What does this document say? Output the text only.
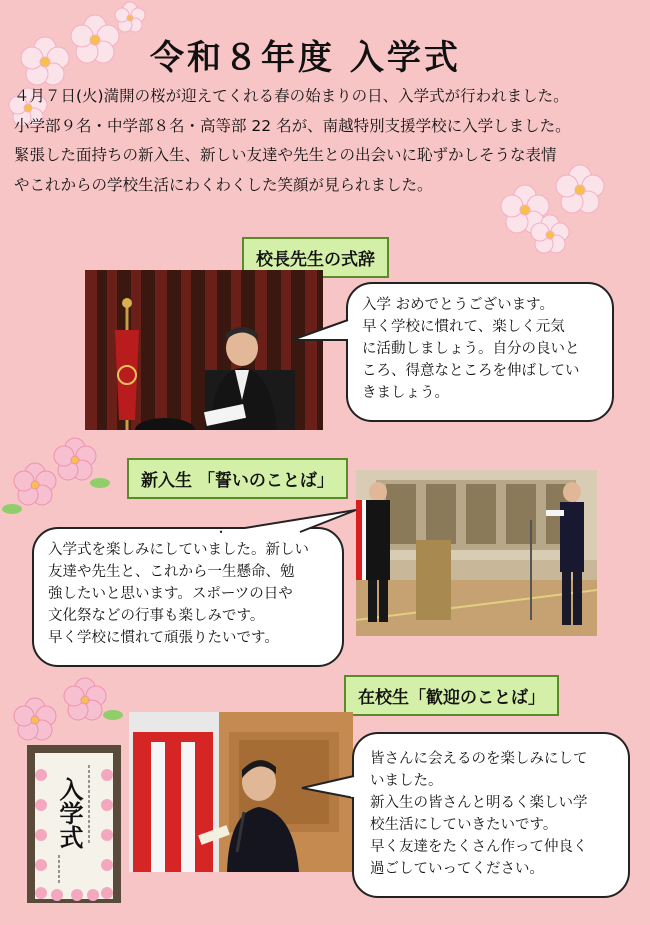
令和８年度 入学式

４月７日(火)満開の桜が迎えてくれる春の始まりの日、入学式が行われました。

小学部９名・中学部８名・高等部 22 名が、南越特別支援学校に入学しました。

緊張した面持ちの新入生、新しい友達や先生との出会いに恥ずかしそうな表情

やこれからの学校生活にわくわくした笑顔が見られました。

校長先生の式辞

入学 おめでとうございます。

早く学校に慣れて、楽しく元気

に活動しましょう。自分の良いと

ころ、得意なところを伸ばしてい

きましょう。

新入生 「誓いのことば」

入学式を楽しみにしていました。新しい

友達や先生と、これから一生懸命、勉

強したいと思います。スポーツの日や

文化祭などの行事も楽しみです。

早く学校に慣れて頑張りたいです。

在校生「歓迎のことば」
入学式

皆さんに会えるのを楽しみにして

いました。

新入生の皆さんと明るく楽しい学

校生活にしていきたいです。

早く友達をたくさん作って仲良く

過ごしていってください。
